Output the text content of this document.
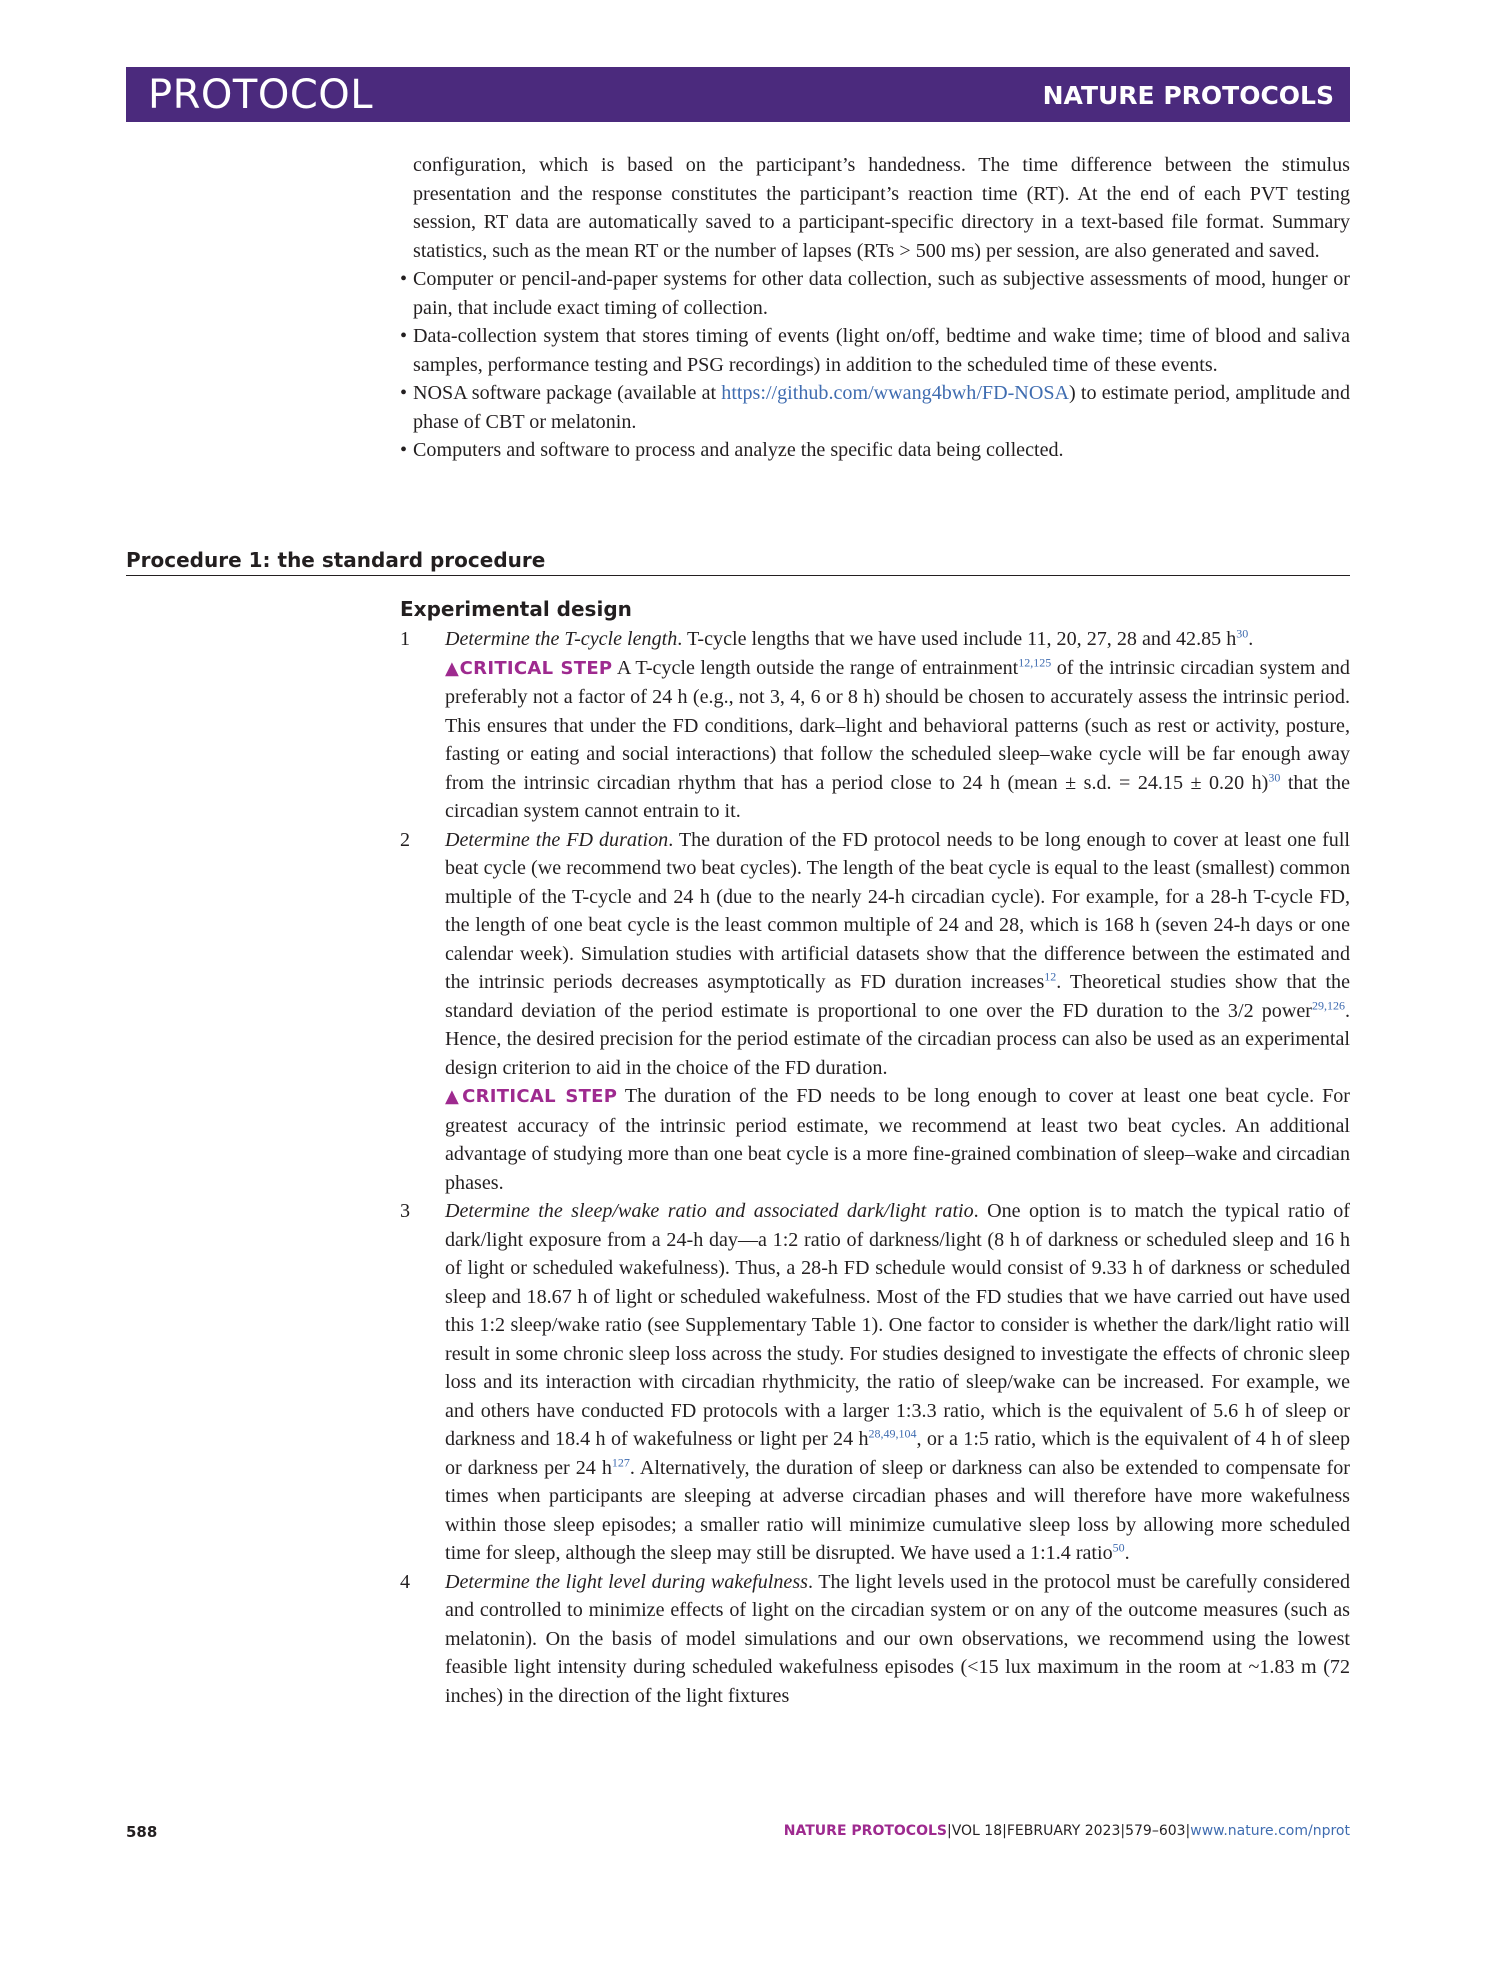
PROTOCOL	NATURE PROTOCOLS

configuration, which is based on the participant’s handedness. The time difference between the stimulus presentation and the response constitutes the participant’s reaction time (RT). At the end of each PVT testing session, RT data are automatically saved to a participant-specific directory in a text-based file format. Summary statistics, such as the mean RT or the number of lapses (RTs > 500 ms) per session, are also generated and saved.

• Computer or pencil-and-paper systems for other data collection, such as subjective assessments of mood, hunger or pain, that include exact timing of collection.
• Data-collection system that stores timing of events (light on/off, bedtime and wake time; time of blood and saliva samples, performance testing and PSG recordings) in addition to the scheduled time of these events.
• NOSA software package (available at https://github.com/wwang4bwh/FD-NOSA) to estimate period, amplitude and phase of CBT or melatonin.
• Computers and software to process and analyze the specific data being collected.
Procedure 1: the standard procedure
Experimental design
1 Determine the T-cycle length. T-cycle lengths that we have used include 11, 20, 27, 28 and 42.85 $h^{30}$.
▲CRITICAL STEP A T-cycle length outside the range of entrainment$^{12,125}$ of the intrinsic circadian system and preferably not a factor of 24 h (e.g., not 3, 4, 6 or 8 h) should be chosen to accurately assess the intrinsic period. This ensures that under the FD conditions, dark–light and behavioral patterns (such as rest or activity, posture, fasting or eating and social interactions) that follow the scheduled sleep–wake cycle will be far enough away from the intrinsic circadian rhythm that has a period close to 24 h (mean ± s.d. = 24.15 ± 0.20 h)$^{30}$ that the circadian system cannot entrain to it.
2 Determine the FD duration. The duration of the FD protocol needs to be long enough to cover at least one full beat cycle (we recommend two beat cycles). The length of the beat cycle is equal to the least (smallest) common multiple of the T-cycle and 24 h (due to the nearly 24-h circadian cycle). For example, for a 28-h T-cycle FD, the length of one beat cycle is the least common multiple of 24 and 28, which is 168 h (seven 24-h days or one calendar week). Simulation studies with artificial datasets show that the difference between the estimated and the intrinsic periods decreases asymptotically as FD duration increases$^{12}$. Theoretical studies show that the standard deviation of the period estimate is proportional to one over the FD duration to the 3/2 power$^{29,126}$. Hence, the desired precision for the period estimate of the circadian process can also be used as an experimental design criterion to aid in the choice of the FD duration.
▲CRITICAL STEP The duration of the FD needs to be long enough to cover at least one beat cycle. For greatest accuracy of the intrinsic period estimate, we recommend at least two beat cycles. An additional advantage of studying more than one beat cycle is a more fine-grained combination of sleep–wake and circadian phases.
3 Determine the sleep/wake ratio and associated dark/light ratio. One option is to match the typical ratio of dark/light exposure from a 24-h day—a 1:2 ratio of darkness/light (8 h of darkness or scheduled sleep and 16 h of light or scheduled wakefulness). Thus, a 28-h FD schedule would consist of 9.33 h of darkness or scheduled sleep and 18.67 h of light or scheduled wakefulness. Most of the FD studies that we have carried out have used this 1:2 sleep/wake ratio (see Supplementary Table 1). One factor to consider is whether the dark/light ratio will result in some chronic sleep loss across the study. For studies designed to investigate the effects of chronic sleep loss and its interaction with circadian rhythmicity, the ratio of sleep/wake can be increased. For example, we and others have conducted FD protocols with a larger 1:3.3 ratio, which is the equivalent of 5.6 h of sleep or darkness and 18.4 h of wakefulness or light per 24 $h^{28,49,104}$, or a 1:5 ratio, which is the equivalent of 4 h of sleep or darkness per 24 $h^{127}$. Alternatively, the duration of sleep or darkness can also be extended to compensate for times when participants are sleeping at adverse circadian phases and will therefore have more wakefulness within those sleep episodes; a smaller ratio will minimize cumulative sleep loss by allowing more scheduled time for sleep, although the sleep may still be disrupted. We have used a 1:1.4 ratio$^{50}$.
4 Determine the light level during wakefulness. The light levels used in the protocol must be carefully considered and controlled to minimize effects of light on the circadian system or on any of the outcome measures (such as melatonin). On the basis of model simulations and our own observations, we recommend using the lowest feasible light intensity during scheduled wakefulness episodes (<15 lux maximum in the room at ~1.83 m (72 inches) in the direction of the light fixtures
588	NATURE PROTOCOLS|VOL 18|FEBRUARY 2023|579–603|www.nature.com/nprot
